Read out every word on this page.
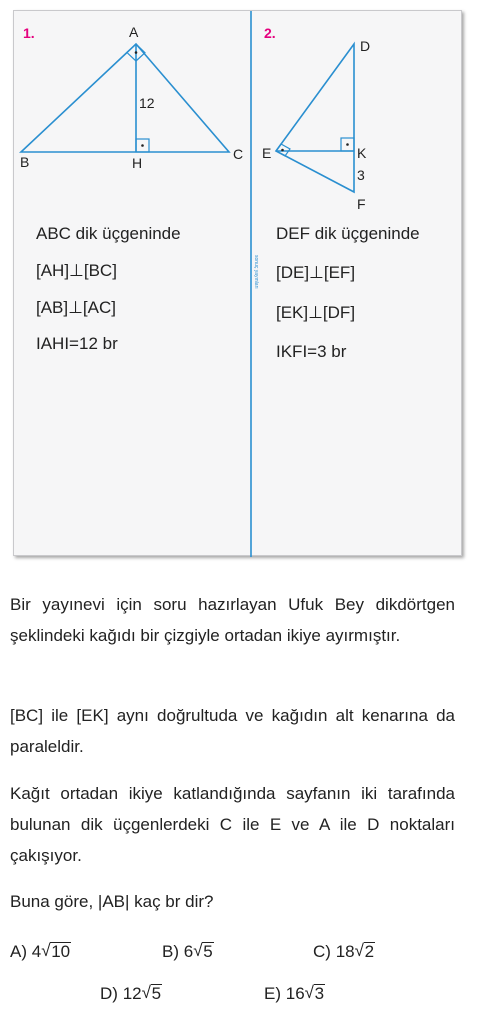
1.	2.
A
B	C
H
12
D
E	K
3
F
sonuç yayınları
ABC dik üçgeninde
[AH]⊥[BC]
[AB]⊥[AC]
IAHI=12 br
DEF dik üçgeninde
[DE]⊥[EF]
[EK]⊥[DF]
IKFI=3 br

Bir yayınevi için soru hazırlayan Ufuk Bey dikdörtgen şeklindeki kağıdı bir çizgiyle ortadan ikiye ayırmıştır.

[BC] ile [EK] aynı doğrultuda ve kağıdın alt kenarına da paraleldir.

Kağıt ortadan ikiye katlandığında sayfanın iki tarafında bulunan dik üçgenlerdeki C ile E ve A ile D noktaları çakışıyor.

Buna göre, |AB| kaç br dir?

A) 4 √ 10	B) 6 √ 5	C) 18 √ 2
D) 12 √ 5	E) 16 √ 3
